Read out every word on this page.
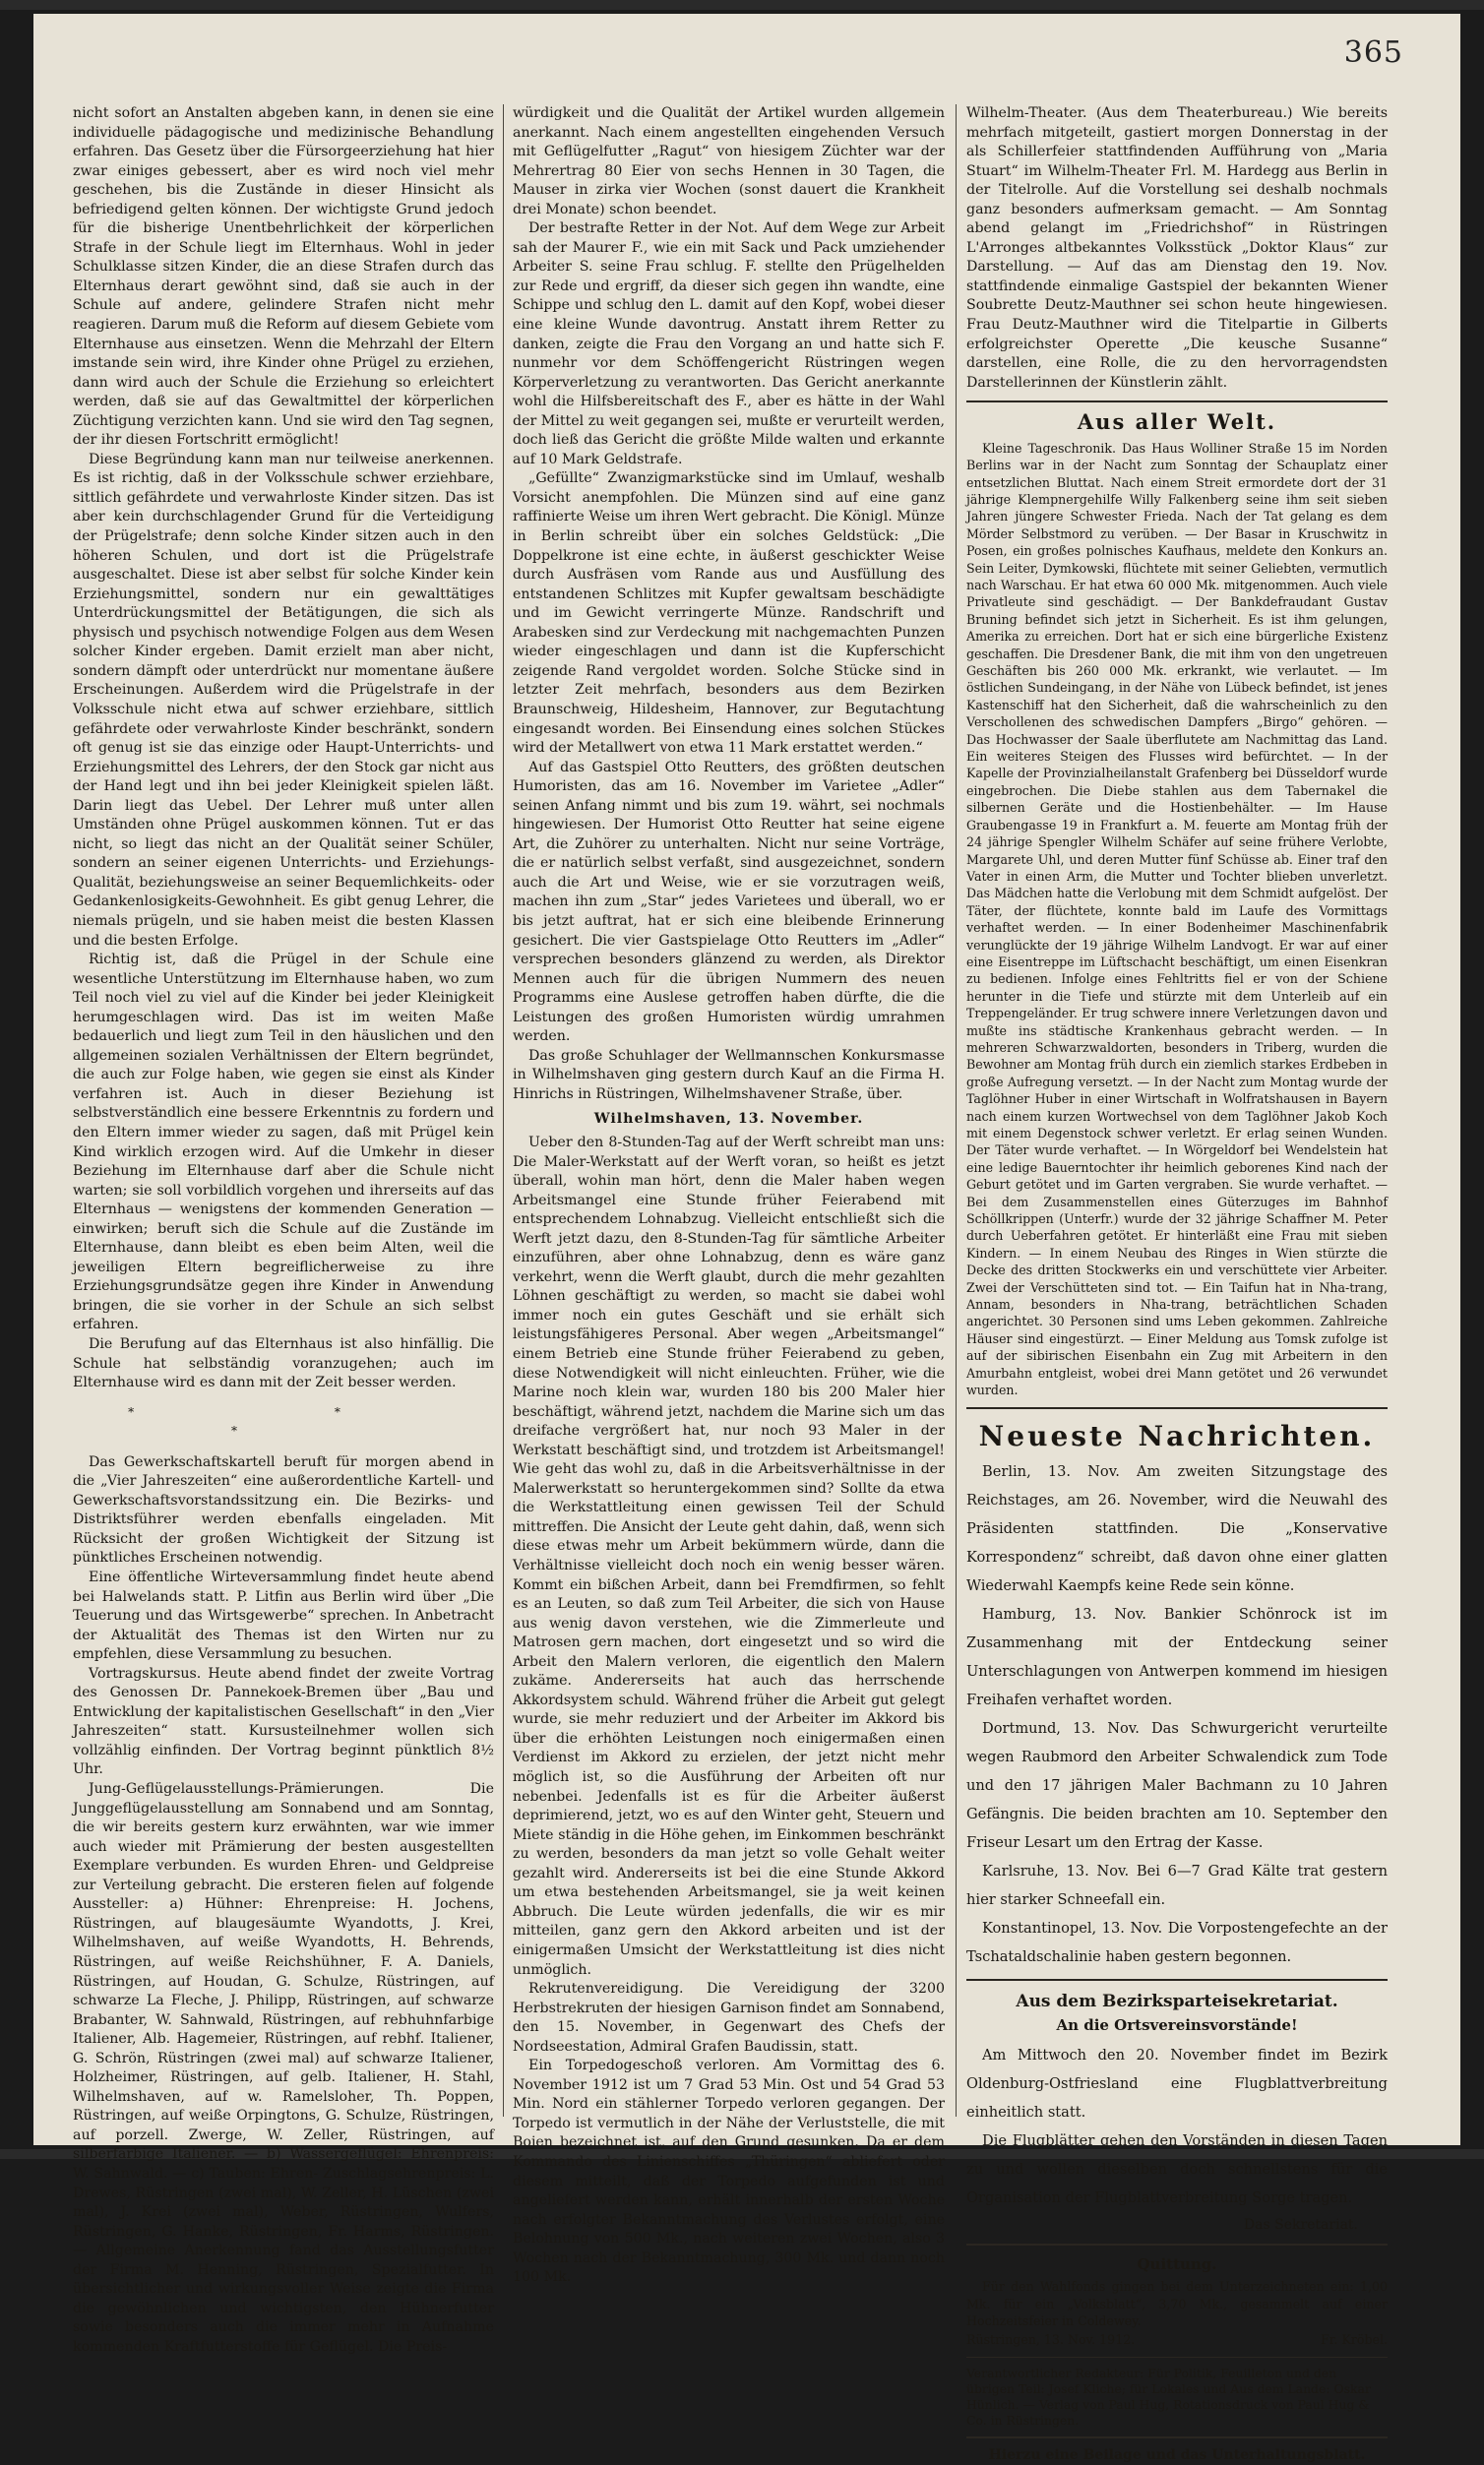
365

nicht sofort an Anstalten abgeben kann, in denen sie eine individuelle pädagogische und medizinische Behandlung erfahren. Das Gesetz über die Fürsorgeerziehung hat hier zwar einiges gebessert, aber es wird noch viel mehr geschehen, bis die Zustände in dieser Hinsicht als befriedigend gelten können. Der wichtigste Grund jedoch für die bisherige Unentbehrlichkeit der körperlichen Strafe in der Schule liegt im Elternhaus. Wohl in jeder Schulklasse sitzen Kinder, die an diese Strafen durch das Elternhaus derart gewöhnt sind, daß sie auch in der Schule auf andere, gelindere Strafen nicht mehr reagieren. Darum muß die Reform auf diesem Gebiete vom Elternhause aus einsetzen. Wenn die Mehrzahl der Eltern imstande sein wird, ihre Kinder ohne Prügel zu erziehen, dann wird auch der Schule die Erziehung so erleichtert werden, daß sie auf das Gewaltmittel der körperlichen Züchtigung verzichten kann. Und sie wird den Tag segnen, der ihr diesen Fortschritt ermöglicht!

Diese Begründung kann man nur teilweise anerkennen. Es ist richtig, daß in der Volksschule schwer erziehbare, sittlich gefährdete und verwahrloste Kinder sitzen. Das ist aber kein durchschlagender Grund für die Verteidigung der Prügelstrafe; denn solche Kinder sitzen auch in den höheren Schulen, und dort ist die Prügelstrafe ausgeschaltet. Diese ist aber selbst für solche Kinder kein Erziehungsmittel, sondern nur ein gewalttätiges Unterdrückungsmittel der Betätigungen, die sich als physisch und psychisch notwendige Folgen aus dem Wesen solcher Kinder ergeben. Damit erzielt man aber nicht, sondern dämpft oder unterdrückt nur momentane äußere Erscheinungen. Außerdem wird die Prügelstrafe in der Volksschule nicht etwa auf schwer erziehbare, sittlich gefährdete oder verwahrloste Kinder beschränkt, sondern oft genug ist sie das einzige oder Haupt-Unterrichts- und Erziehungsmittel des Lehrers, der den Stock gar nicht aus der Hand legt und ihn bei jeder Kleinigkeit spielen läßt. Darin liegt das Uebel. Der Lehrer muß unter allen Umständen ohne Prügel auskommen können. Tut er das nicht, so liegt das nicht an der Qualität seiner Schüler, sondern an seiner eigenen Unterrichts- und Erziehungs-Qualität, beziehungsweise an seiner Bequemlichkeits- oder Gedankenlosigkeits-Gewohnheit. Es gibt genug Lehrer, die niemals prügeln, und sie haben meist die besten Klassen und die besten Erfolge.

Richtig ist, daß die Prügel in der Schule eine wesentliche Unterstützung im Elternhause haben, wo zum Teil noch viel zu viel auf die Kinder bei jeder Kleinigkeit herumgeschlagen wird. Das ist im weiten Maße bedauerlich und liegt zum Teil in den häuslichen und den allgemeinen sozialen Verhältnissen der Eltern begründet, die auch zur Folge haben, wie gegen sie einst als Kinder verfahren ist. Auch in dieser Beziehung ist selbstverständlich eine bessere Erkenntnis zu fordern und den Eltern immer wieder zu sagen, daß mit Prügel kein Kind wirklich erzogen wird. Auf die Umkehr in dieser Beziehung im Elternhause darf aber die Schule nicht warten; sie soll vorbildlich vorgehen und ihrerseits auf das Elternhaus — wenigstens der kommenden Generation — einwirken; beruft sich die Schule auf die Zustände im Elternhause, dann bleibt es eben beim Alten, weil die jeweiligen Eltern begreiflicherweise zu ihre Erziehungsgrundsätze gegen ihre Kinder in Anwendung bringen, die sie vorher in der Schule an sich selbst erfahren.

Die Berufung auf das Elternhaus ist also hinfällig. Die Schule hat selbständig voranzugehen; auch im Elternhause wird es dann mit der Zeit besser werden.

* * *

Das Gewerkschaftskartell beruft für morgen abend in die „Vier Jahreszeiten“ eine außerordentliche Kartell- und Gewerkschaftsvorstandssitzung ein. Die Bezirks- und Distriktsführer werden ebenfalls eingeladen. Mit Rücksicht der großen Wichtigkeit der Sitzung ist pünktliches Erscheinen notwendig.

Eine öffentliche Wirteversammlung findet heute abend bei Halwelands statt. P. Litfin aus Berlin wird über „Die Teuerung und das Wirtsgewerbe“ sprechen. In Anbetracht der Aktualität des Themas ist den Wirten nur zu empfehlen, diese Versammlung zu besuchen.

Vortragskursus. Heute abend findet der zweite Vortrag des Genossen Dr. Pannekoek-Bremen über „Bau und Entwicklung der kapitalistischen Gesellschaft“ in den „Vier Jahreszeiten“ statt. Kursusteilnehmer wollen sich vollzählig einfinden. Der Vortrag beginnt pünktlich 8½ Uhr.

Jung-Geflügelausstellungs-Prämierungen. Die Junggeflügelausstellung am Sonnabend und am Sonntag, die wir bereits gestern kurz erwähnten, war wie immer auch wieder mit Prämierung der besten ausgestellten Exemplare verbunden. Es wurden Ehren- und Geldpreise zur Verteilung gebracht. Die ersteren fielen auf folgende Aussteller: a) Hühner: Ehrenpreise: H. Jochens, Rüstringen, auf blaugesäumte Wyandotts, J. Krei, Wilhelmshaven, auf weiße Wyandotts, H. Behrends, Rüstringen, auf weiße Reichshühner, F. A. Daniels, Rüstringen, auf Houdan, G. Schulze, Rüstringen, auf schwarze La Fleche, J. Philipp, Rüstringen, auf schwarze Brabanter, W. Sahnwald, Rüstringen, auf rebhuhnfarbige Italiener, Alb. Hagemeier, Rüstringen, auf rebhf. Italiener, G. Schrön, Rüstringen (zwei mal) auf schwarze Italiener, Holzheimer, Rüstringen, auf gelb. Italiener, H. Stahl, Wilhelmshaven, auf w. Ramelsloher, Th. Poppen, Rüstringen, auf weiße Orpingtons, G. Schulze, Rüstringen, auf porzell. Zwerge, W. Zeller, Rüstringen, auf silberfarbige Italiener. — b) Wassergeflügel: Ehrenpreis: W. Sahnwald. — c) Tauben: Ehren- Zuschlagsehrenpreis: L. Drewes, Rüstringen (zwei mal), W. Zeller, H. Lüschen (zwei mal), J. Krei (zwei mal), Weber, Rüstringen, Wulfers, Rüstringen, G. Hanke, Rüstringen, Fr. Harms, Rüstringen. — Allgemeine Anerkennung fand das Ausstellungsfutter der Firma M. Henning, Rüstringen, Spezialfutter. In übersichtlicher und wirkungsvoller Weise zeigte die Firma die gewöhnlichen und wichtigsten, den Hühnerfutter sowie besonders auch die immer mehr in Aufnahme kommenden Kraftfutterstoffe für Geflügel. Die Preis-

würdigkeit und die Qualität der Artikel wurden allgemein anerkannt. Nach einem angestellten eingehenden Versuch mit Geflügelfutter „Ragut“ von hiesigem Züchter war der Mehrertrag 80 Eier von sechs Hennen in 30 Tagen, die Mauser in zirka vier Wochen (sonst dauert die Krankheit drei Monate) schon beendet.

Der bestrafte Retter in der Not. Auf dem Wege zur Arbeit sah der Maurer F., wie ein mit Sack und Pack umziehender Arbeiter S. seine Frau schlug. F. stellte den Prügelhelden zur Rede und ergriff, da dieser sich gegen ihn wandte, eine Schippe und schlug den L. damit auf den Kopf, wobei dieser eine kleine Wunde davontrug. Anstatt ihrem Retter zu danken, zeigte die Frau den Vorgang an und hatte sich F. nunmehr vor dem Schöffengericht Rüstringen wegen Körperverletzung zu verantworten. Das Gericht anerkannte wohl die Hilfsbereitschaft des F., aber es hätte in der Wahl der Mittel zu weit gegangen sei, mußte er verurteilt werden, doch ließ das Gericht die größte Milde walten und erkannte auf 10 Mark Geldstrafe.

„Gefüllte“ Zwanzigmarkstücke sind im Umlauf, weshalb Vorsicht anempfohlen. Die Münzen sind auf eine ganz raffinierte Weise um ihren Wert gebracht. Die Königl. Münze in Berlin schreibt über ein solches Geldstück: „Die Doppelkrone ist eine echte, in äußerst geschickter Weise durch Ausfräsen vom Rande aus und Ausfüllung des entstandenen Schlitzes mit Kupfer gewaltsam beschädigte und im Gewicht verringerte Münze. Randschrift und Arabesken sind zur Verdeckung mit nachgemachten Punzen wieder eingeschlagen und dann ist die Kupferschicht zeigende Rand vergoldet worden. Solche Stücke sind in letzter Zeit mehrfach, besonders aus dem Bezirken Braunschweig, Hildesheim, Hannover, zur Begutachtung eingesandt worden. Bei Einsendung eines solchen Stückes wird der Metallwert von etwa 11 Mark erstattet werden.“

Auf das Gastspiel Otto Reutters, des größten deutschen Humoristen, das am 16. November im Varietee „Adler“ seinen Anfang nimmt und bis zum 19. währt, sei nochmals hingewiesen. Der Humorist Otto Reutter hat seine eigene Art, die Zuhörer zu unterhalten. Nicht nur seine Vorträge, die er natürlich selbst verfaßt, sind ausgezeichnet, sondern auch die Art und Weise, wie er sie vorzutragen weiß, machen ihn zum „Star“ jedes Varietees und überall, wo er bis jetzt auftrat, hat er sich eine bleibende Erinnerung gesichert. Die vier Gastspielage Otto Reutters im „Adler“ versprechen besonders glänzend zu werden, als Direktor Mennen auch für die übrigen Nummern des neuen Programms eine Auslese getroffen haben dürfte, die die Leistungen des großen Humoristen würdig umrahmen werden.

Das große Schuhlager der Wellmannschen Konkursmasse in Wilhelmshaven ging gestern durch Kauf an die Firma H. Hinrichs in Rüstringen, Wilhelmshavener Straße, über.

Wilhelmshaven, 13. November.

Ueber den 8-Stunden-Tag auf der Werft schreibt man uns: Die Maler-Werkstatt auf der Werft voran, so heißt es jetzt überall, wohin man hört, denn die Maler haben wegen Arbeitsmangel eine Stunde früher Feierabend mit entsprechendem Lohnabzug. Vielleicht entschließt sich die Werft jetzt dazu, den 8-Stunden-Tag für sämtliche Arbeiter einzuführen, aber ohne Lohnabzug, denn es wäre ganz verkehrt, wenn die Werft glaubt, durch die mehr gezahlten Löhnen geschäftigt zu werden, so macht sie dabei wohl immer noch ein gutes Geschäft und sie erhält sich leistungsfähigeres Personal. Aber wegen „Arbeitsmangel“ einem Betrieb eine Stunde früher Feierabend zu geben, diese Notwendigkeit will nicht einleuchten. Früher, wie die Marine noch klein war, wurden 180 bis 200 Maler hier beschäftigt, während jetzt, nachdem die Marine sich um das dreifache vergrößert hat, nur noch 93 Maler in der Werkstatt beschäftigt sind, und trotzdem ist Arbeitsmangel! Wie geht das wohl zu, daß in die Arbeitsverhältnisse in der Malerwerkstatt so heruntergekommen sind? Sollte da etwa die Werkstattleitung einen gewissen Teil der Schuld mittreffen. Die Ansicht der Leute geht dahin, daß, wenn sich diese etwas mehr um Arbeit bekümmern würde, dann die Verhältnisse vielleicht doch noch ein wenig besser wären. Kommt ein bißchen Arbeit, dann bei Fremdfirmen, so fehlt es an Leuten, so daß zum Teil Arbeiter, die sich von Hause aus wenig davon verstehen, wie die Zimmerleute und Matrosen gern machen, dort eingesetzt und so wird die Arbeit den Malern verloren, die eigentlich den Malern zukäme. Andererseits hat auch das herrschende Akkordsystem schuld. Während früher die Arbeit gut gelegt wurde, sie mehr reduziert und der Arbeiter im Akkord bis über die erhöhten Leistungen noch einigermaßen einen Verdienst im Akkord zu erzielen, der jetzt nicht mehr möglich ist, so die Ausführung der Arbeiten oft nur nebenbei. Jedenfalls ist es für die Arbeiter äußerst deprimierend, jetzt, wo es auf den Winter geht, Steuern und Miete ständig in die Höhe gehen, im Einkommen beschränkt zu werden, besonders da man jetzt so volle Gehalt weiter gezahlt wird. Andererseits ist bei die eine Stunde Akkord um etwa bestehenden Arbeitsmangel, sie ja weit keinen Abbruch. Die Leute würden jedenfalls, die wir es mir mitteilen, ganz gern den Akkord arbeiten und ist der einigermaßen Umsicht der Werkstattleitung ist dies nicht unmöglich.

Rekrutenvereidigung. Die Vereidigung der 3200 Herbstrekruten der hiesigen Garnison findet am Sonnabend, den 15. November, in Gegenwart des Chefs der Nordseestation, Admiral Grafen Baudissin, statt.

Ein Torpedogeschoß verloren. Am Vormittag des 6. November 1912 ist um 7 Grad 53 Min. Ost und 54 Grad 53 Min. Nord ein stählerner Torpedo verloren gegangen. Der Torpedo ist vermutlich in der Nähe der Verluststelle, die mit Bojen bezeichnet ist, auf den Grund gesunken. Da er dem Kommando des Linienschiffes „Thüringen“ abliefert oder diesem mitteilt, daß der Torpedo aufgefunden ist und angeliefert werden kann, erhält innerhalb der ersten Woche nach erfolgter Bekanntmachung des Verlustes erfolgt, eine Belohnung von 500 Mk., nach weiteren zwei Wochen, also 3 Wochen nach der Bekanntmachung, 300 Mk. und dann noch 100 Mk.

Wilhelm-Theater. (Aus dem Theaterbureau.) Wie bereits mehrfach mitgeteilt, gastiert morgen Donnerstag in der als Schillerfeier stattfindenden Aufführung von „Maria Stuart“ im Wilhelm-Theater Frl. M. Hardegg aus Berlin in der Titelrolle. Auf die Vorstellung sei deshalb nochmals ganz besonders aufmerksam gemacht. — Am Sonntag abend gelangt im „Friedrichshof“ in Rüstringen L'Arronges altbekanntes Volksstück „Doktor Klaus“ zur Darstellung. — Auf das am Dienstag den 19. Nov. stattfindende einmalige Gastspiel der bekannten Wiener Soubrette Deutz-Mauthner sei schon heute hingewiesen. Frau Deutz-Mauthner wird die Titelpartie in Gilberts erfolgreichster Operette „Die keusche Susanne“ darstellen, eine Rolle, die zu den hervorragendsten Darstellerinnen der Künstlerin zählt.

Aus aller Welt.

Kleine Tageschronik. Das Haus Wolliner Straße 15 im Norden Berlins war in der Nacht zum Sonntag der Schauplatz einer entsetzlichen Bluttat. Nach einem Streit ermordete dort der 31 jährige Klempnergehilfe Willy Falkenberg seine ihm seit sieben Jahren jüngere Schwester Frieda. Nach der Tat gelang es dem Mörder Selbstmord zu verüben. — Der Basar in Kruschwitz in Posen, ein großes polnisches Kaufhaus, meldete den Konkurs an. Sein Leiter, Dymkowski, flüchtete mit seiner Geliebten, vermutlich nach Warschau. Er hat etwa 60 000 Mk. mitgenommen. Auch viele Privatleute sind geschädigt. — Der Bankdefraudant Gustav Bruning befindet sich jetzt in Sicherheit. Es ist ihm gelungen, Amerika zu erreichen. Dort hat er sich eine bürgerliche Existenz geschaffen. Die Dresdener Bank, die mit ihm von den ungetreuen Geschäften bis 260 000 Mk. erkrankt, wie verlautet. — Im östlichen Sundeingang, in der Nähe von Lübeck befindet, ist jenes Kastenschiff hat den Sicherheit, daß die wahrscheinlich zu den Verschollenen des schwedischen Dampfers „Birgo“ gehören. — Das Hochwasser der Saale überflutete am Nachmittag das Land. Ein weiteres Steigen des Flusses wird befürchtet. — In der Kapelle der Provinzialheilanstalt Grafenberg bei Düsseldorf wurde eingebrochen. Die Diebe stahlen aus dem Tabernakel die silbernen Geräte und die Hostienbehälter. — Im Hause Graubengasse 19 in Frankfurt a. M. feuerte am Montag früh der 24 jährige Spengler Wilhelm Schäfer auf seine frühere Verlobte, Margarete Uhl, und deren Mutter fünf Schüsse ab. Einer traf den Vater in einen Arm, die Mutter und Tochter blieben unverletzt. Das Mädchen hatte die Verlobung mit dem Schmidt aufgelöst. Der Täter, der flüchtete, konnte bald im Laufe des Vormittags verhaftet werden. — In einer Bodenheimer Maschinenfabrik verunglückte der 19 jährige Wilhelm Landvogt. Er war auf einer eine Eisentreppe im Lüftschacht beschäftigt, um einen Eisenkran zu bedienen. Infolge eines Fehltritts fiel er von der Schiene herunter in die Tiefe und stürzte mit dem Unterleib auf ein Treppengeländer. Er trug schwere innere Verletzungen davon und mußte ins städtische Krankenhaus gebracht werden. — In mehreren Schwarzwaldorten, besonders in Triberg, wurden die Bewohner am Montag früh durch ein ziemlich starkes Erdbeben in große Aufregung versetzt. — In der Nacht zum Montag wurde der Taglöhner Huber in einer Wirtschaft in Wolfratshausen in Bayern nach einem kurzen Wortwechsel von dem Taglöhner Jakob Koch mit einem Degenstock schwer verletzt. Er erlag seinen Wunden. Der Täter wurde verhaftet. — In Wörgeldorf bei Wendelstein hat eine ledige Bauerntochter ihr heimlich geborenes Kind nach der Geburt getötet und im Garten vergraben. Sie wurde verhaftet. — Bei dem Zusammenstellen eines Güterzuges im Bahnhof Schöllkrippen (Unterfr.) wurde der 32 jährige Schaffner M. Peter durch Ueberfahren getötet. Er hinterläßt eine Frau mit sieben Kindern. — In einem Neubau des Ringes in Wien stürzte die Decke des dritten Stockwerks ein und verschüttete vier Arbeiter. Zwei der Verschütteten sind tot. — Ein Taifun hat in Nha-trang, Annam, besonders in Nha-trang, beträchtlichen Schaden angerichtet. 30 Personen sind ums Leben gekommen. Zahlreiche Häuser sind eingestürzt. — Einer Meldung aus Tomsk zufolge ist auf der sibirischen Eisenbahn ein Zug mit Arbeitern in den Amurbahn entgleist, wobei drei Mann getötet und 26 verwundet wurden.

Neueste Nachrichten.

Berlin, 13. Nov. Am zweiten Sitzungstage des Reichstages, am 26. November, wird die Neuwahl des Präsidenten stattfinden. Die „Konservative Korrespondenz“ schreibt, daß davon ohne einer glatten Wiederwahl Kaempfs keine Rede sein könne.

Hamburg, 13. Nov. Bankier Schönrock ist im Zusammenhang mit der Entdeckung seiner Unterschlagungen von Antwerpen kommend im hiesigen Freihafen verhaftet worden.

Dortmund, 13. Nov. Das Schwurgericht verurteilte wegen Raubmord den Arbeiter Schwalendick zum Tode und den 17 jährigen Maler Bachmann zu 10 Jahren Gefängnis. Die beiden brachten am 10. September den Friseur Lesart um den Ertrag der Kasse.

Karlsruhe, 13. Nov. Bei 6—7 Grad Kälte trat gestern hier starker Schneefall ein.

Konstantinopel, 13. Nov. Die Vorpostengefechte an der Tschataldschalinie haben gestern begonnen.

Aus dem Bezirksparteisekretariat.
An die Ortsvereinsvorstände!

Am Mittwoch den 20. November findet im Bezirk Oldenburg-Ostfriesland eine Flugblattverbreitung einheitlich statt.

Die Flugblätter gehen den Vorständen in diesen Tagen zu und wollen dieselben doch schnellstens für die Organisation der Flugblattverbreitung Sorge tragen.

Das Sekretariat.
Quittung.

Für den Wahlfonds gingen bei dem Unterzeichneten ein: 1,00 Mk. für ein „Volksblatt“, 3,70 Mk., gesammelt auf einer Hochzeitsfeier in Coldewey.

Rüstringen, 13. Nov. 1912.	Fr. Kröbel.

Verantwortlicher Redakteur: Für Politik, Feuilleton und den übrigen Teil: Josef Kliche; für Lokales und Aus dem Lande: Oskar Hünlich. — Verlag von Paul Hug, Rotationsdruck von Paul Hug & Co. in Rüstringen.

Hierzu eine Beilage und das Unterhaltungsblatt.
